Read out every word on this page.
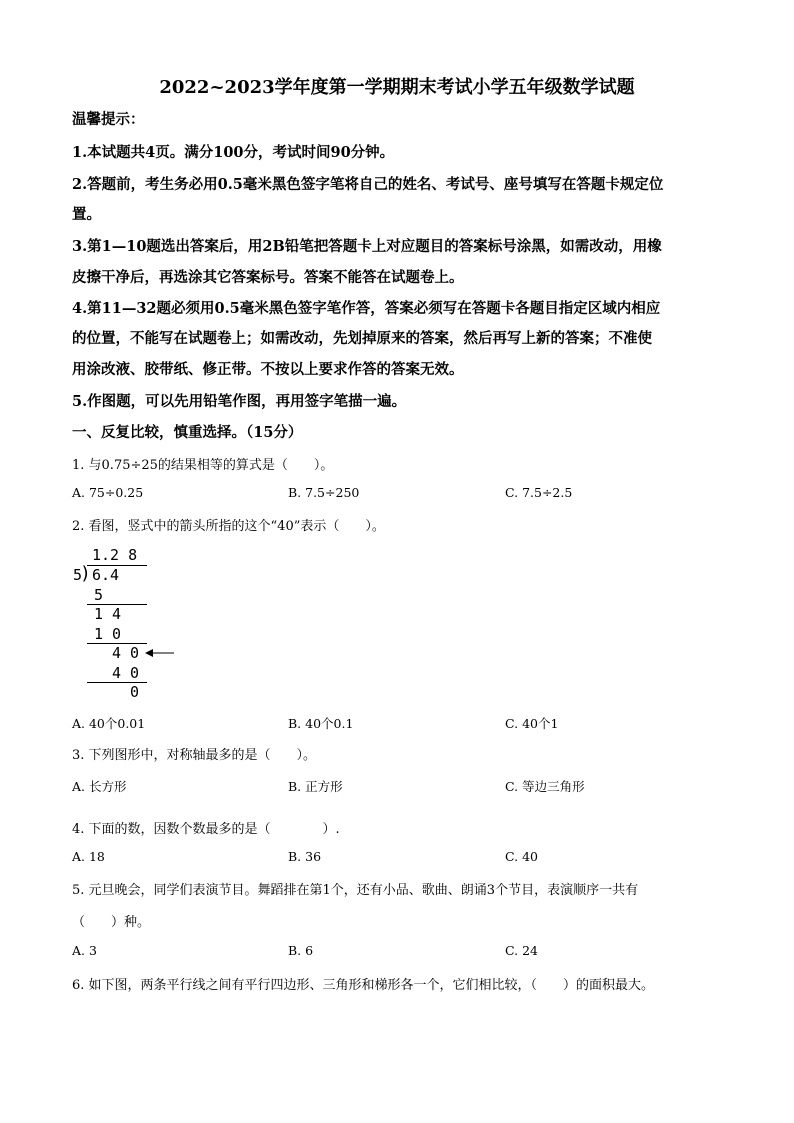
2022~2023学年度第一学期期末考试小学五年级数学试题
温馨提示：
1.本试题共4页。满分100分，考试时间90分钟。
2.答题前，考生务必用0.5毫米黑色签字笔将自己的姓名、考试号、座号填写在答题卡规定位
置。
3.第1—10题选出答案后，用2B铅笔把答题卡上对应题目的答案标号涂黑，如需改动，用橡
皮擦干净后，再选涂其它答案标号。答案不能答在试题卷上。
4.第11—32题必须用0.5毫米黑色签字笔作答，答案必须写在答题卡各题目指定区域内相应
的位置，不能写在试题卷上；如需改动，先划掉原来的答案，然后再写上新的答案；不准使
用涂改液、胶带纸、修正带。不按以上要求作答的答案无效。
5.作图题，可以先用铅笔作图，再用签字笔描一遍。
一、反复比较，慎重选择。（15分）
1. 与0.75÷25的结果相等的算式是（　　）。
A. 75÷0.25	B. 7.5÷250	C. 7.5÷2.5
2. 看图，竖式中的箭头所指的这个“40”表示（　　）。
1.2 8
5
) 6.4
5
1 4
1 0
4 0
4 0
0
A. 40个0.01	B. 40个0.1	C. 40个1
3. 下列图形中，对称轴最多的是（　　）。
A. 长方形	B. 正方形	C. 等边三角形
4. 下面的数，因数个数最多的是（　　　　）.
A. 18	B. 36	C. 40
5. 元旦晚会，同学们表演节目。舞蹈排在第1个，还有小品、歌曲、朗诵3个节目，表演顺序一共有
（　　）种。
A. 3	B. 6	C. 24
6. 如下图，两条平行线之间有平行四边形、三角形和梯形各一个，它们相比较，（　　）的面积最大。
